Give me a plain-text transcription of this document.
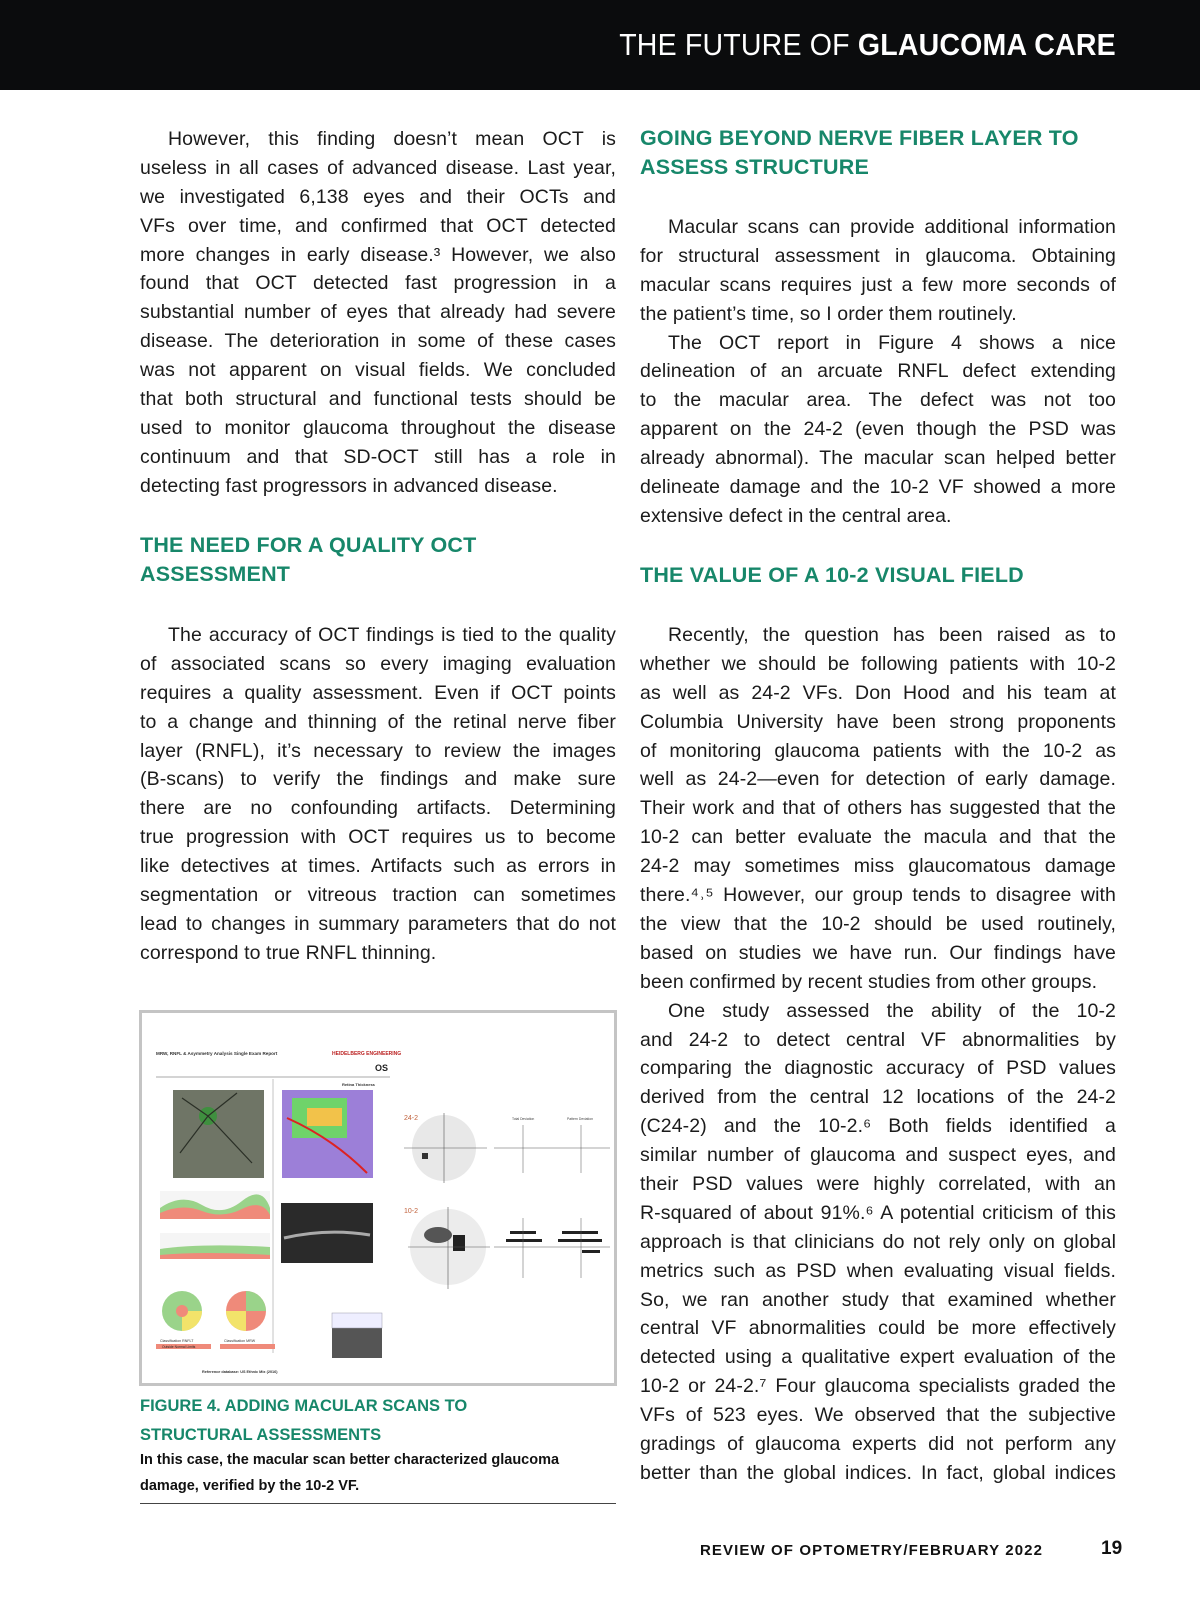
THE FUTURE OF GLAUCOMA CARE
However, this finding doesn’t mean OCT is
useless in all cases of advanced disease. Last year,
we investigated 6,138 eyes and their OCTs and
VFs over time, and confirmed that OCT detected
more changes in early disease.³ However, we also
found that OCT detected fast progression in a
substantial number of eyes that already had severe
disease. The deterioration in some of these cases
was not apparent on visual fields. We concluded
that both structural and functional tests should be
used to monitor glaucoma throughout the disease
continuum and that SD-OCT still has a role in
detecting fast progressors in advanced disease.
THE NEED FOR A QUALITY OCT
ASSESSMENT
The accuracy of OCT findings is tied to the quality
of associated scans so every imaging evaluation
requires a quality assessment. Even if OCT points
to a change and thinning of the retinal nerve fiber
layer (RNFL), it’s necessary to review the images
(B-scans) to verify the findings and make sure
there are no confounding artifacts. Determining
true progression with OCT requires us to become
like detectives at times. Artifacts such as errors in
segmentation or vitreous traction can sometimes
lead to changes in summary parameters that do not
correspond to true RNFL thinning.
MRW, RNFL & Asymmetry Analysis Single Exam Report	HEIDELBERG ENGINEERING
OS
Retina Thickness
Classification RNFLT	Classification MRW
Outside Normal Limits
Reference database: US Ethnic Mix (2016)
24-2	Total Deviation	Pattern Deviation
10-2
FIGURE 4. ADDING MACULAR SCANS TO
STRUCTURAL ASSESSMENTS
In this case, the macular scan better characterized glaucoma
damage, verified by the 10-2 VF.
GOING BEYOND NERVE FIBER LAYER TO
ASSESS STRUCTURE
Macular scans can provide additional information
for structural assessment in glaucoma. Obtaining
macular scans requires just a few more seconds of
the patient’s time, so I order them routinely.
The OCT report in Figure 4 shows a nice
delineation of an arcuate RNFL defect extending
to the macular area. The defect was not too
apparent on the 24-2 (even though the PSD was
already abnormal). The macular scan helped better
delineate damage and the 10-2 VF showed a more
extensive defect in the central area.
THE VALUE OF A 10-2 VISUAL FIELD
Recently, the question has been raised as to
whether we should be following patients with 10-2
as well as 24-2 VFs. Don Hood and his team at
Columbia University have been strong proponents
of monitoring glaucoma patients with the 10-2 as
well as 24-2—even for detection of early damage.
Their work and that of others has suggested that the
10-2 can better evaluate the macula and that the
24-2 may sometimes miss glaucomatous damage
there.⁴˒⁵ However, our group tends to disagree with
the view that the 10-2 should be used routinely,
based on studies we have run. Our findings have
been confirmed by recent studies from other groups.
One study assessed the ability of the 10-2
and 24-2 to detect central VF abnormalities by
comparing the diagnostic accuracy of PSD values
derived from the central 12 locations of the 24-2
(C24-2) and the 10-2.⁶ Both fields identified a
similar number of glaucoma and suspect eyes, and
their PSD values were highly correlated, with an
R-squared of about 91%.⁶ A potential criticism of this
approach is that clinicians do not rely only on global
metrics such as PSD when evaluating visual fields.
So, we ran another study that examined whether
central VF abnormalities could be more effectively
detected using a qualitative expert evaluation of the
10-2 or 24-2.⁷ Four glaucoma specialists graded the
VFs of 523 eyes. We observed that the subjective
gradings of glaucoma experts did not perform any
better than the global indices. In fact, global indices
REVIEW OF OPTOMETRY/FEBRUARY 2022	19
